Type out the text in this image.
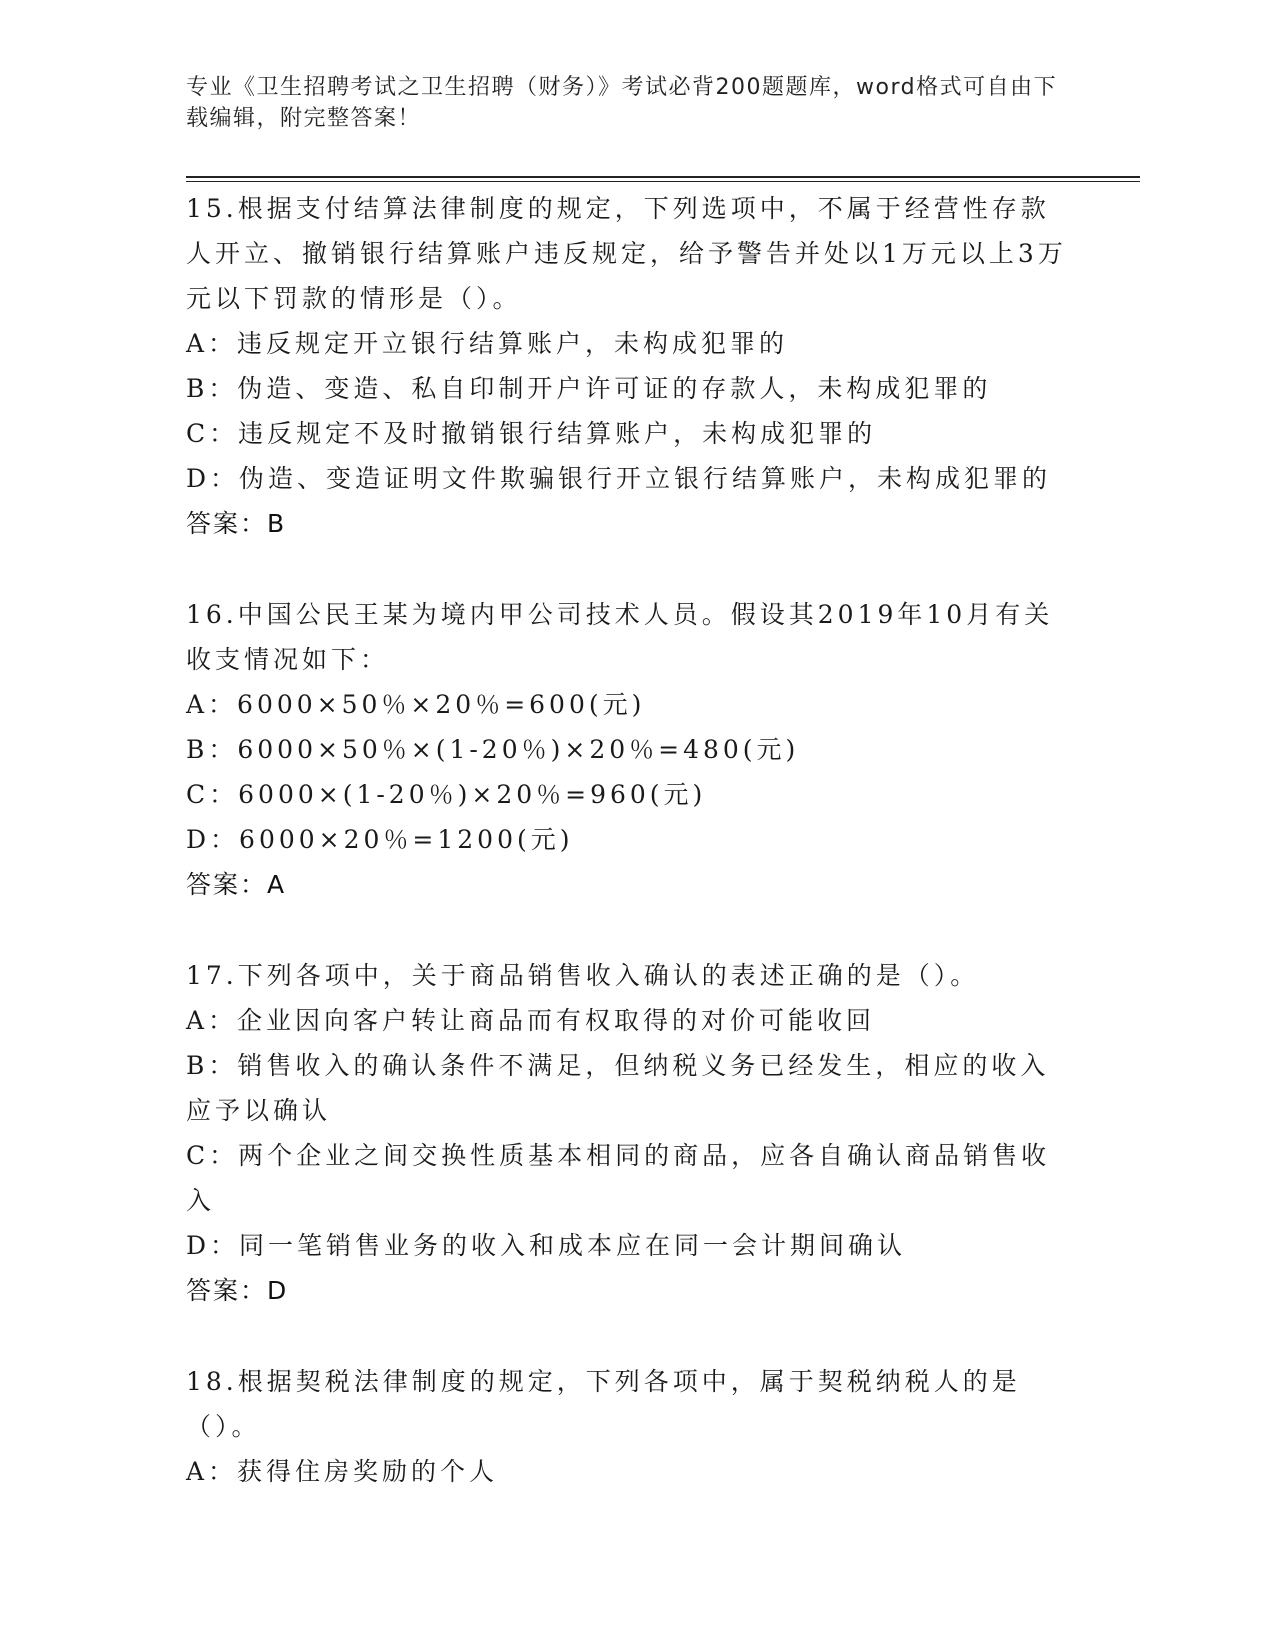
专业《卫生招聘考试之卫生招聘（财务）》考试必背200题题库，word格式可自由下载编辑，附完整答案！
15.根据支付结算法律制度的规定，下列选项中，不属于经营性存款人开立、撤销银行结算账户违反规定，给予警告并处以1万元以上3万元以下罚款的情形是（）。
A：违反规定开立银行结算账户，未构成犯罪的
B：伪造、变造、私自印制开户许可证的存款人，未构成犯罪的
C：违反规定不及时撤销银行结算账户，未构成犯罪的
D：伪造、变造证明文件欺骗银行开立银行结算账户，未构成犯罪的
答案：B
16.中国公民王某为境内甲公司技术人员。假设其2019年10月有关收支情况如下：
A：6000×50％×20％=600(元)
B：6000×50％×(1-20％)×20％=480(元)
C：6000×(1-20％)×20％=960(元)
D：6000×20％=1200(元)
答案：A
17.下列各项中，关于商品销售收入确认的表述正确的是（）。
A：企业因向客户转让商品而有权取得的对价可能收回
B：销售收入的确认条件不满足，但纳税义务已经发生，相应的收入应予以确认
C：两个企业之间交换性质基本相同的商品，应各自确认商品销售收入
D：同一笔销售业务的收入和成本应在同一会计期间确认
答案：D
18.根据契税法律制度的规定，下列各项中，属于契税纳税人的是（）。
A：获得住房奖励的个人
